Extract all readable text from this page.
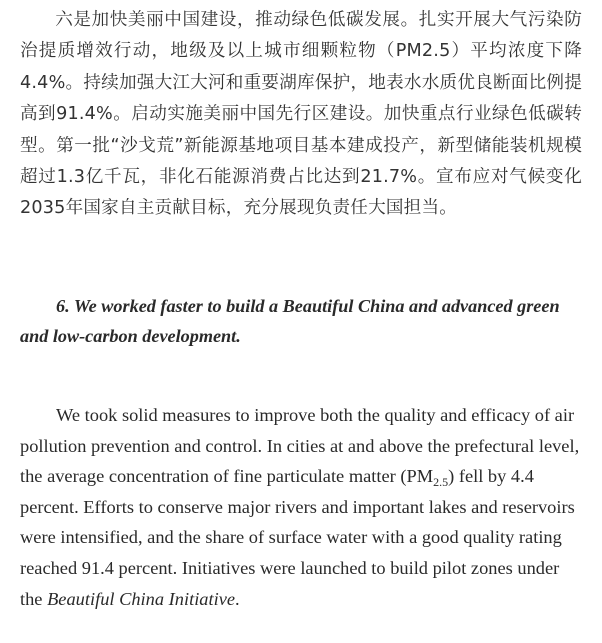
六是加快美丽中国建设，推动绿色低碳发展。扎实开展大气污染防治提质增效行动，地级及以上城市细颗粒物（PM2.5）平均浓度下降4.4%。持续加强大江大河和重要湖库保护，地表水水质优良断面比例提高到91.4%。启动实施美丽中国先行区建设。加快重点行业绿色低碳转型。第一批“沙戈荒”新能源基地项目基本建成投产，新型储能装机规模超过1.3亿千瓦，非化石能源消费占比达到21.7%。宣布应对气候变化2035年国家自主贡献目标，充分展现负责任大国担当。

6. We worked faster to build a Beautiful China and advanced green and low-carbon development.

We took solid measures to improve both the quality and efficacy of air pollution prevention and control. In cities at and above the prefectural level, the average concentration of fine particulate matter $(PM_{2.5})$ fell by 4.4 percent. Efforts to conserve major rivers and important lakes and reservoirs were intensified, and the share of surface water with a good quality rating reached 91.4 percent. Initiatives were launched to build pilot zones under the Beautiful China Initiative.
